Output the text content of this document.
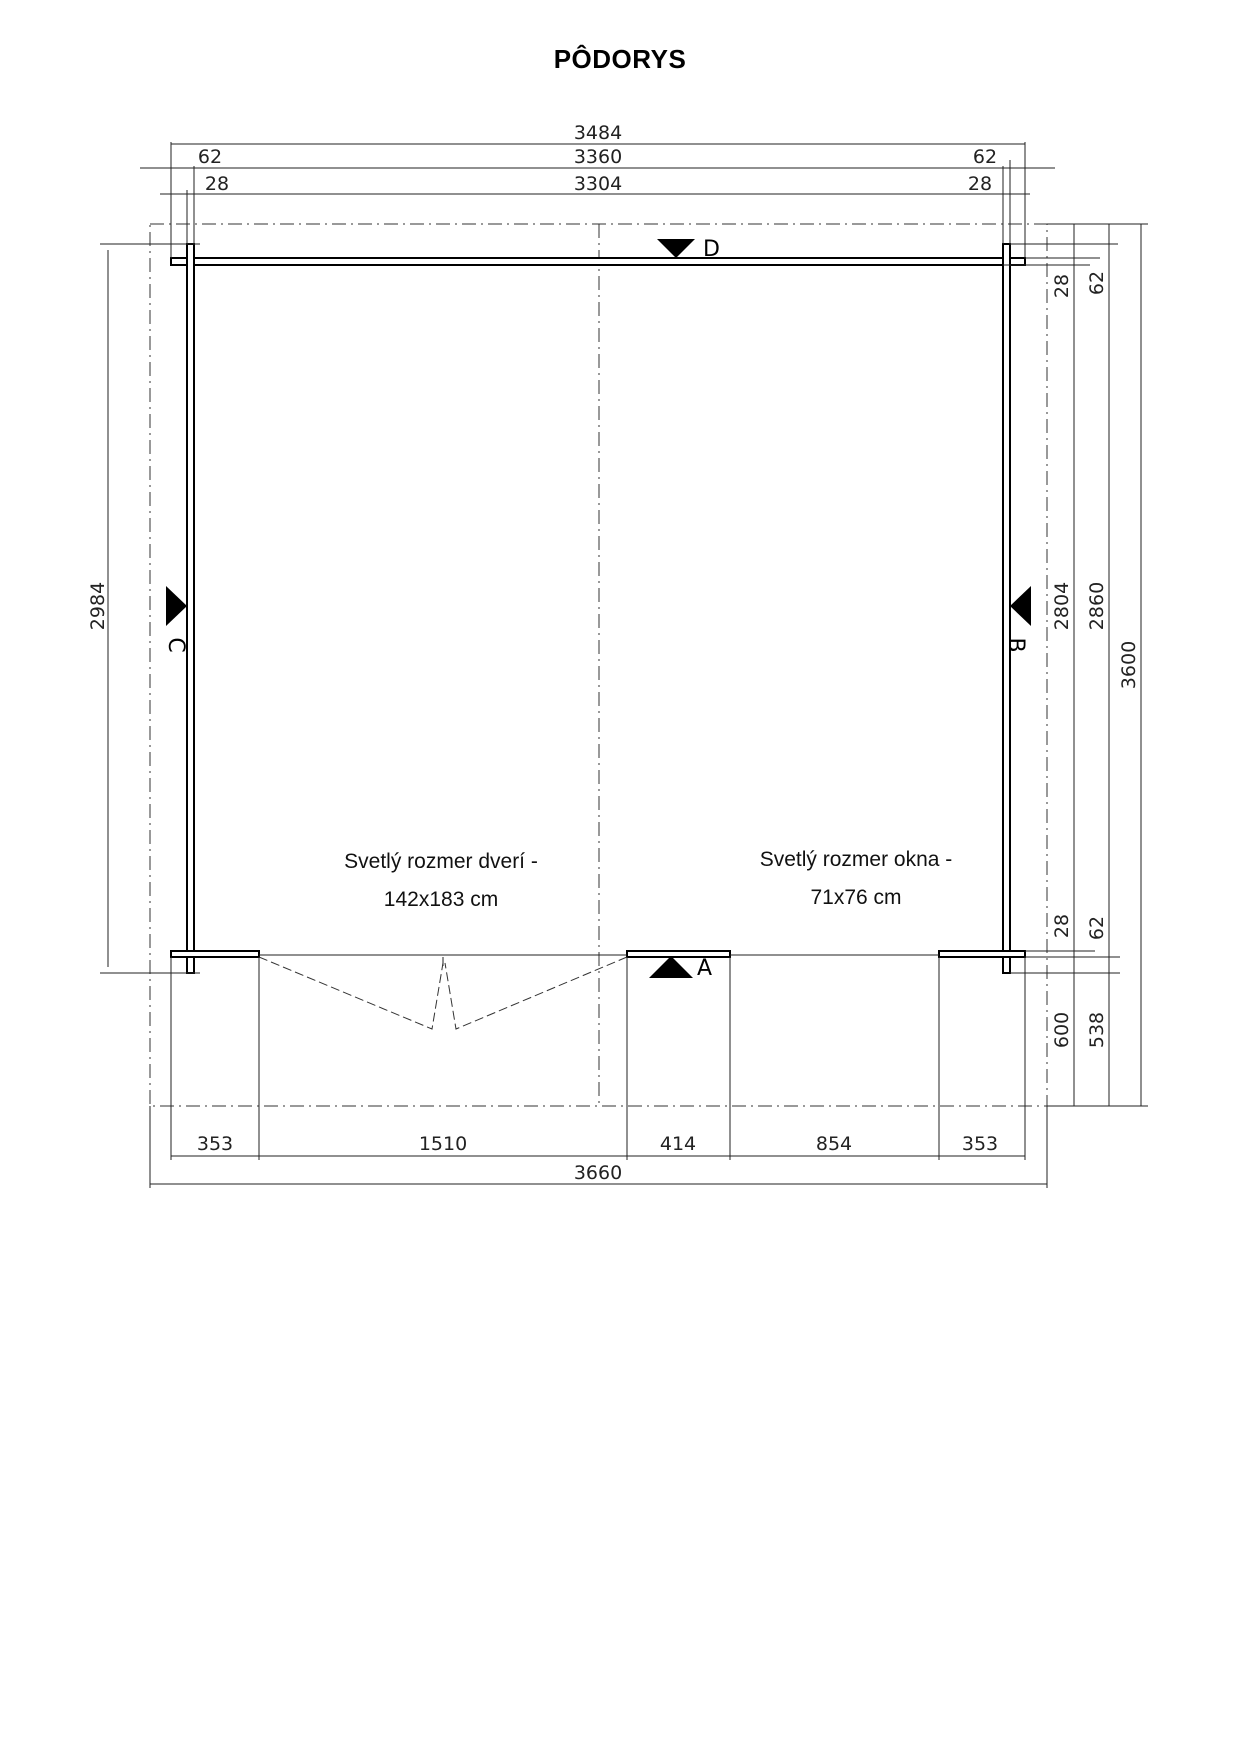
PÔDORYS
D
A
C	B
Svetlý rozmer dverí -
142x183 cm
Svetlý rozmer okna -
71x76 cm
3484
62	3360	62
28	3304	28
2984
28 62
2804 2860
3600
28 62
600 538
353	1510	414	854	353
3660
